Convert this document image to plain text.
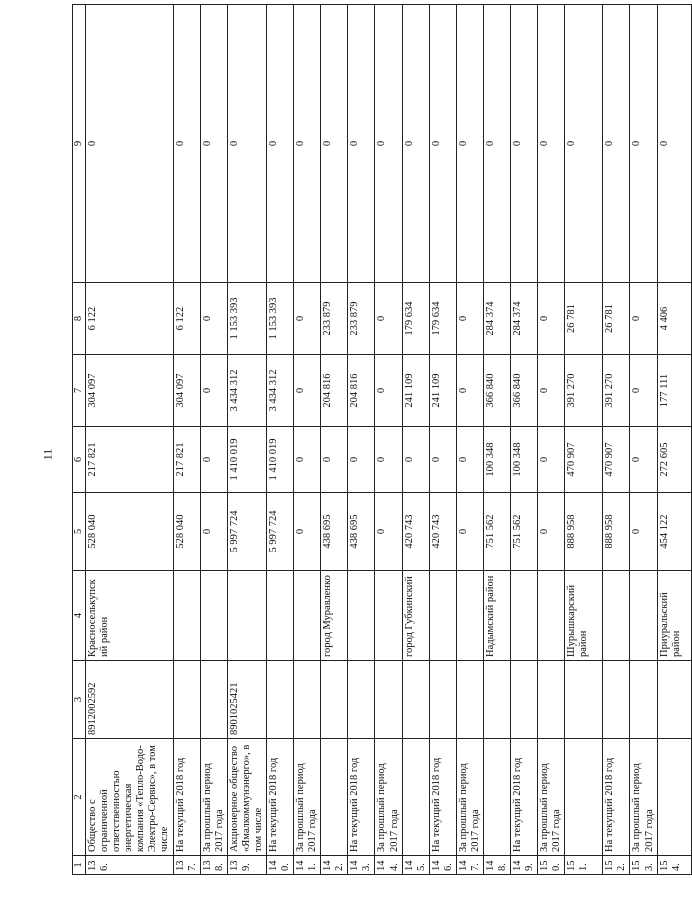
11
1	2	3	4	5	6	7	8	9
136.	Общество с ограниченной ответственностью энергетическая компания «Тепло-Водо-Электро-Сервис», в том числе	8912002592	Красноселькупский район	528 040	217 821	304 097	6 122	0
137.	На текущий 2018 год			528 040	217 821	304 097	6 122	0
138.	За прошлый период 2017 года			0	0	0	0	0
139.	Акционерное общество «Ямалкоммунэнерго», в том числе	8901025421		5 997 724	1 410 019	3 434 312	1 153 393	0
140.	На текущий 2018 год			5 997 724	1 410 019	3 434 312	1 153 393	0
141.	За прошлый период 2017 года			0	0	0	0	0
142.			город Муравленко	438 695	0	204 816	233 879	0
143.	На текущий 2018 год			438 695	0	204 816	233 879	0
144.	За прошлый период 2017 года			0	0	0	0	0
145.			город Губкинский	420 743	0	241 109	179 634	0
146.	На текущий 2018 год			420 743	0	241 109	179 634	0
147.	За прошлый период 2017 года			0	0	0	0	0
148.			Надымский район	751 562	100 348	366 840	284 374	0
149.	На текущий 2018 год			751 562	100 348	366 840	284 374	0
150.	За прошлый период 2017 года			0	0	0	0	0
151.			Шурышкарский район	888 958	470 907	391 270	26 781	0
152.	На текущий 2018 год			888 958	470 907	391 270	26 781	0
153.	За прошлый период 2017 года			0	0	0	0	0
154.			Приуральский район	454 122	272 605	177 111	4 406	0
